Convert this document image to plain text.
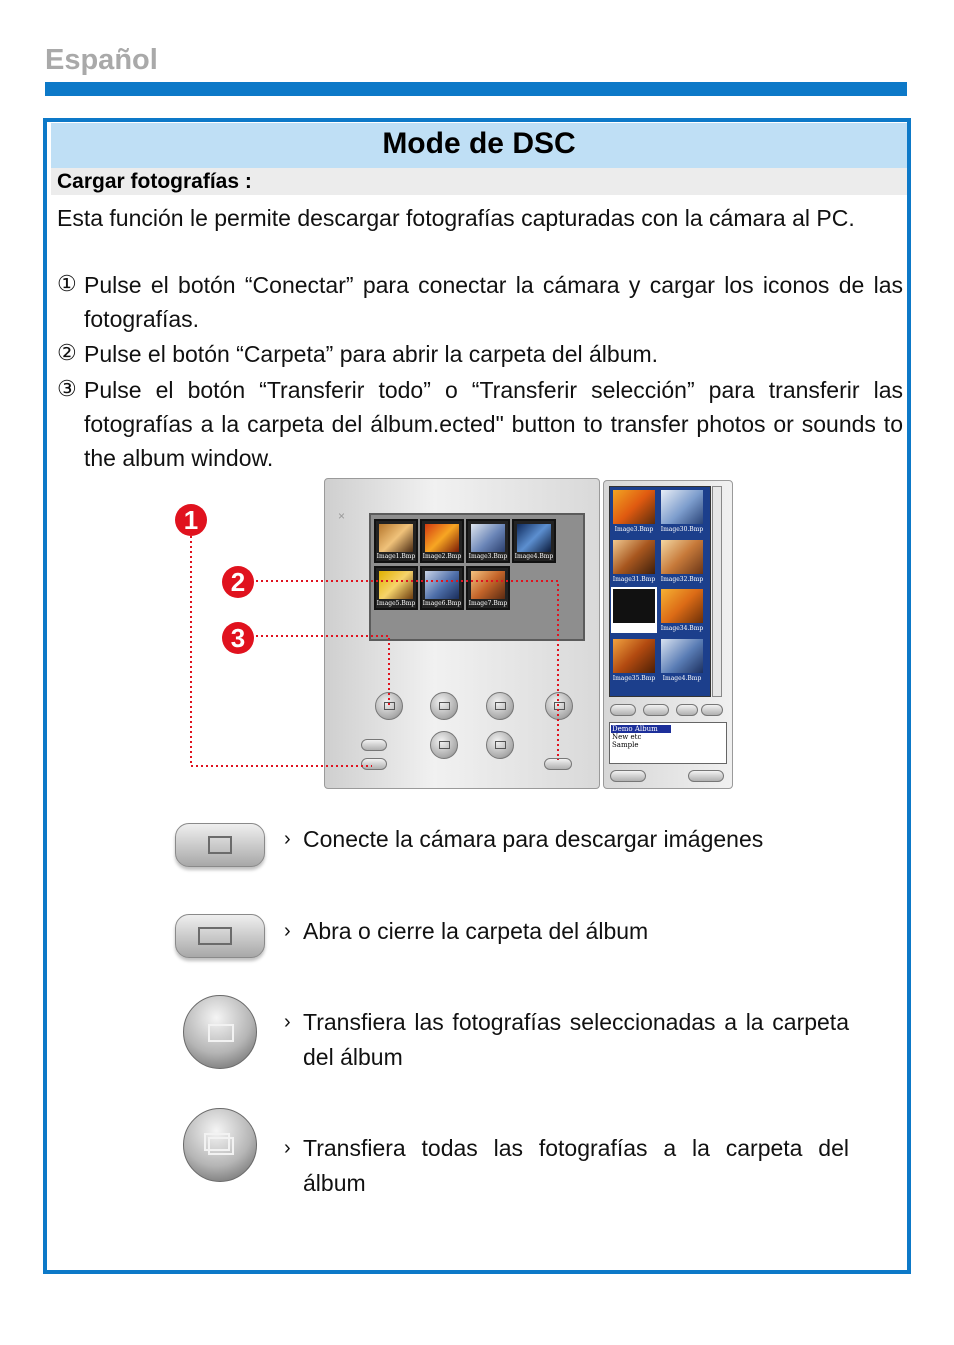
Español
Mode de DSC
Cargar fotografías :
Esta función le permite descargar fotografías capturadas con la cámara al PC.
① Pulse el botón “Conectar” para conectar la cámara y cargar los iconos de las fotografías.
② Pulse el botón “Carpeta” para abrir la carpeta del álbum.
③ Pulse el botón “Transferir todo” o “Transferir selección” para transferir las fotografías a la carpeta del álbum.ected" button to transfer photos or sounds to the album window.
×
Image1.Bmp Image2.Bmp Image3.Bmp Image4.Bmp
Image5.Bmp Image6.Bmp Image7.Bmp
Image3.Bmp	Image30.Bmp
Image31.Bmp Image32.Bmp
Voice2.wav	Image34.Bmp
Image35.Bmp	Image4.Bmp
Demo Album
New etc
Sample
1
2
3
› Conecte la cámara para descargar imágenes
› Abra o cierre la carpeta del álbum
› Transfiera las fotografías seleccionadas a la carpeta del álbum
› Transfiera todas las fotografías a la carpeta del álbum
